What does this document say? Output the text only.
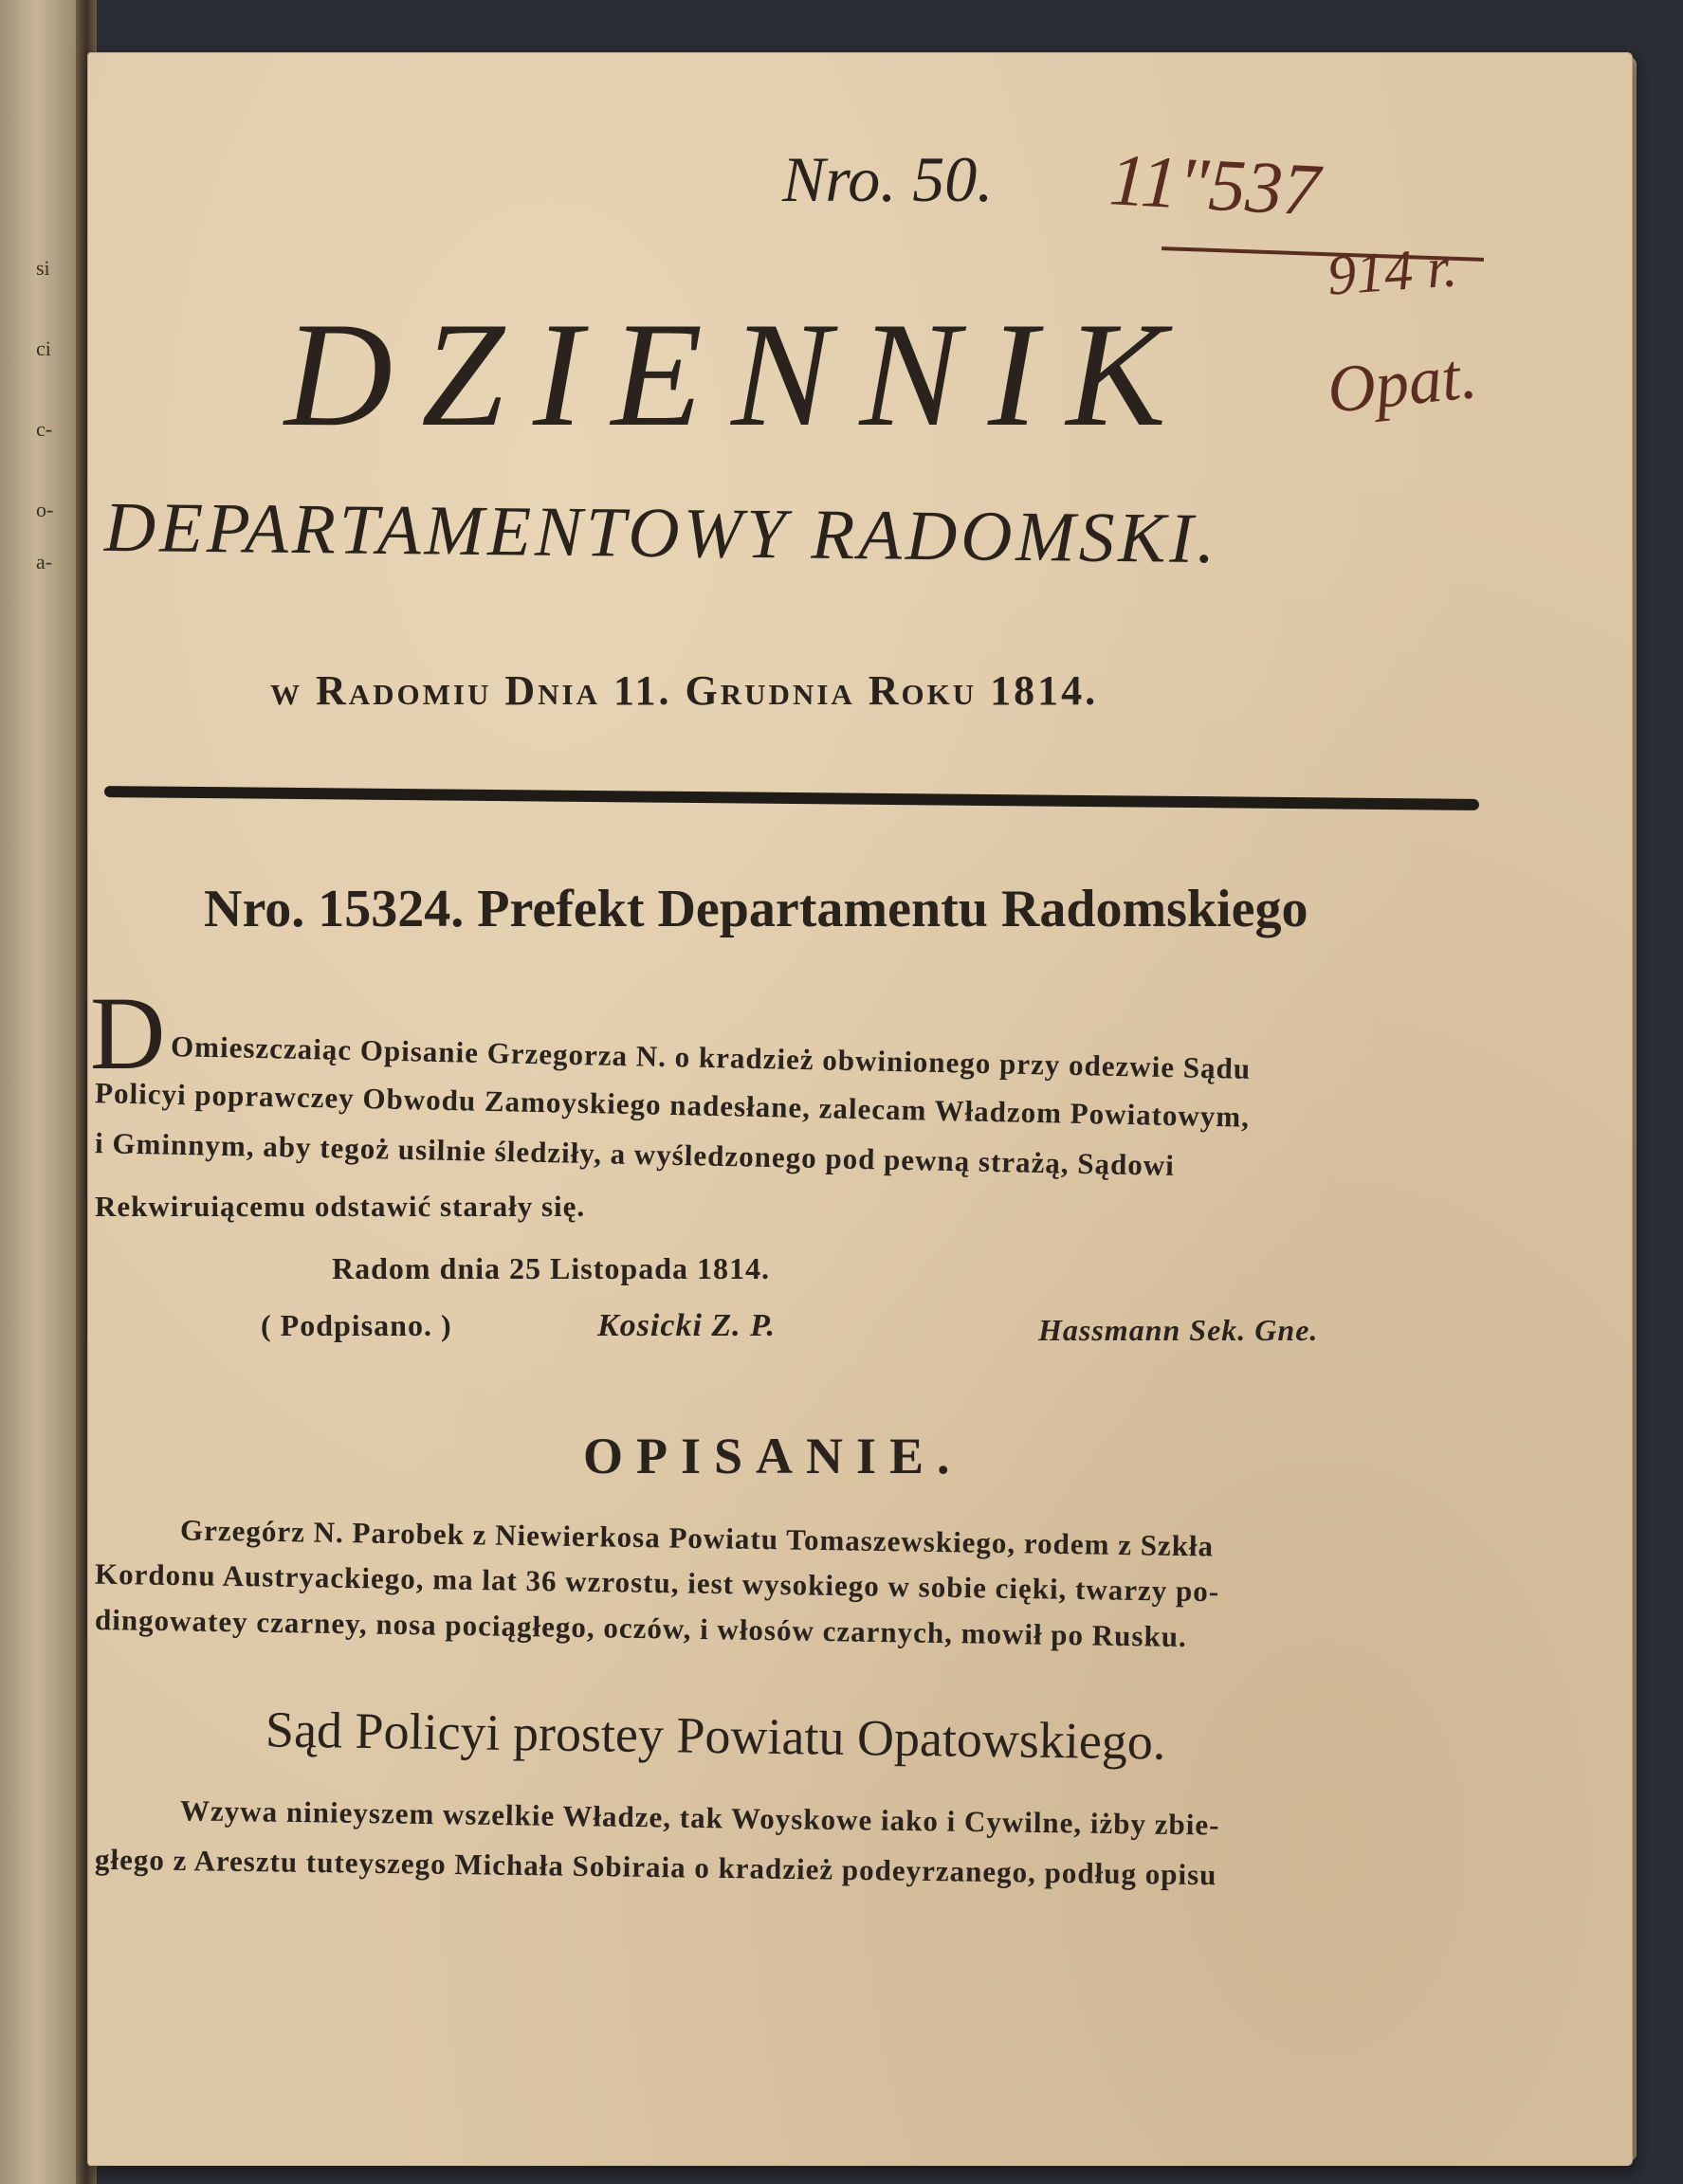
si
ci
c-
o-
a-
Nro. 50. 11"537
914 r.
Opat.
DZIENNIK
DEPARTAMENTOWY RADOMSKI.
w Radomiu Dnia 11. Grudnia Roku 1814.
Nro. 15324. Prefekt Departamentu Radomskiego
D Omieszczaiąc Opisanie Grzegorza N. o kradzież obwinionego przy odezwie Sądu
Policyi poprawczey Obwodu Zamoyskiego nadesłane, zalecam Władzom Powiatowym,
i Gminnym, aby tegoż usilnie śledziły, a wyśledzonego pod pewną strażą, Sądowi
Rekwiruiącemu odstawić starały się.
Radom dnia 25 Listopada 1814.
( Podpisano. )	Kosicki Z. P.	Hassmann Sek. Gne.
OPISANIE.
Grzegórz N. Parobek z Niewierkosa Powiatu Tomaszewskiego, rodem z Szkła
Kordonu Austryackiego, ma lat 36 wzrostu, iest wysokiego w sobie cięki, twarzy po-
dingowatey czarney, nosa pociągłego, oczów, i włosów czarnych, mowił po Rusku.
Sąd Policyi prostey Powiatu Opatowskiego.
Wzywa ninieyszem wszelkie Władze, tak Woyskowe iako i Cywilne, iżby zbie-
głego z Aresztu tuteyszego Michała Sobiraia o kradzież podeyrzanego, podług opisu
